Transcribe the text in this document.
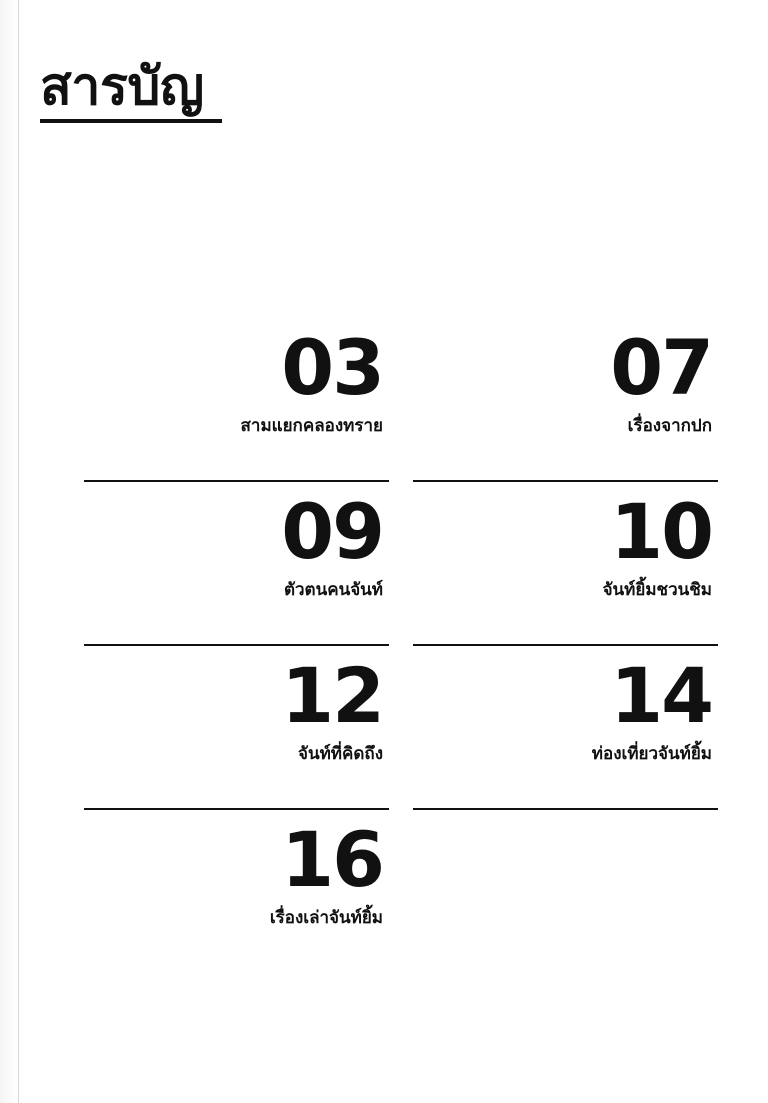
สารบัญ
03
สามแยกคลองทราย
07
เรื่องจากปก
09
ตัวตนคนจันท์
10
จันท์ยิ้มชวนชิม
12
จันท์ที่คิดถึง
14
ท่องเที่ยวจันท์ยิ้ม
16
เรื่องเล่าจันท์ยิ้ม
